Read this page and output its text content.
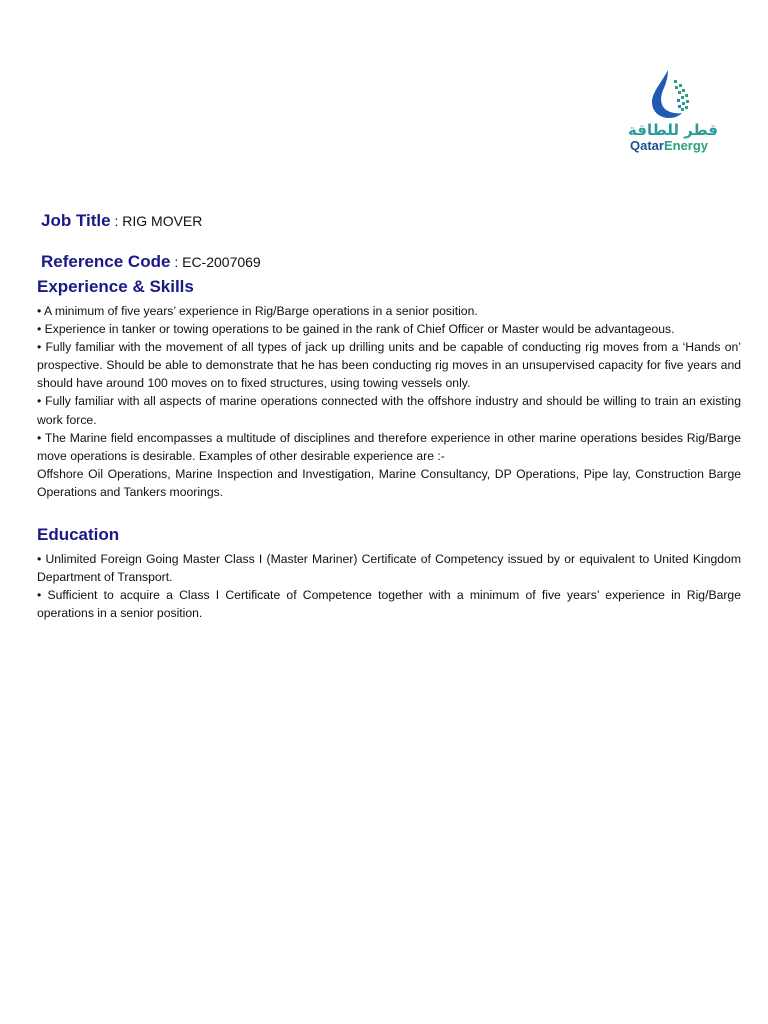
قطر للطاقة
QatarEnergy
Job Title : RIG MOVER
Reference Code : EC-2007069
Experience & Skills

• A minimum of five years’ experience in Rig/Barge operations in a senior position.

• Experience in tanker or towing operations to be gained in the rank of Chief Officer or Master would be advantageous.

• Fully familiar with the movement of all types of jack up drilling units and be capable of conducting rig moves from a ‘Hands on’ prospective. Should be able to demonstrate that he has been conducting rig moves in an unsupervised capacity for five years and should have around 100 moves on to fixed structures, using towing vessels only.

• Fully familiar with all aspects of marine operations connected with the offshore industry and should be willing to train an existing work force.

• The Marine field encompasses a multitude of disciplines and therefore experience in other marine operations besides Rig/Barge move operations is desirable. Examples of other desirable experience are :-

Offshore Oil Operations, Marine Inspection and Investigation, Marine Consultancy, DP Operations, Pipe lay, Construction Barge Operations and Tankers moorings.

Education

• Unlimited Foreign Going Master Class I (Master Mariner) Certificate of Competency issued by or equivalent to United Kingdom Department of Transport.

• Sufficient to acquire a Class I Certificate of Competence together with a minimum of five years’ experience in Rig/Barge operations in a senior position.
